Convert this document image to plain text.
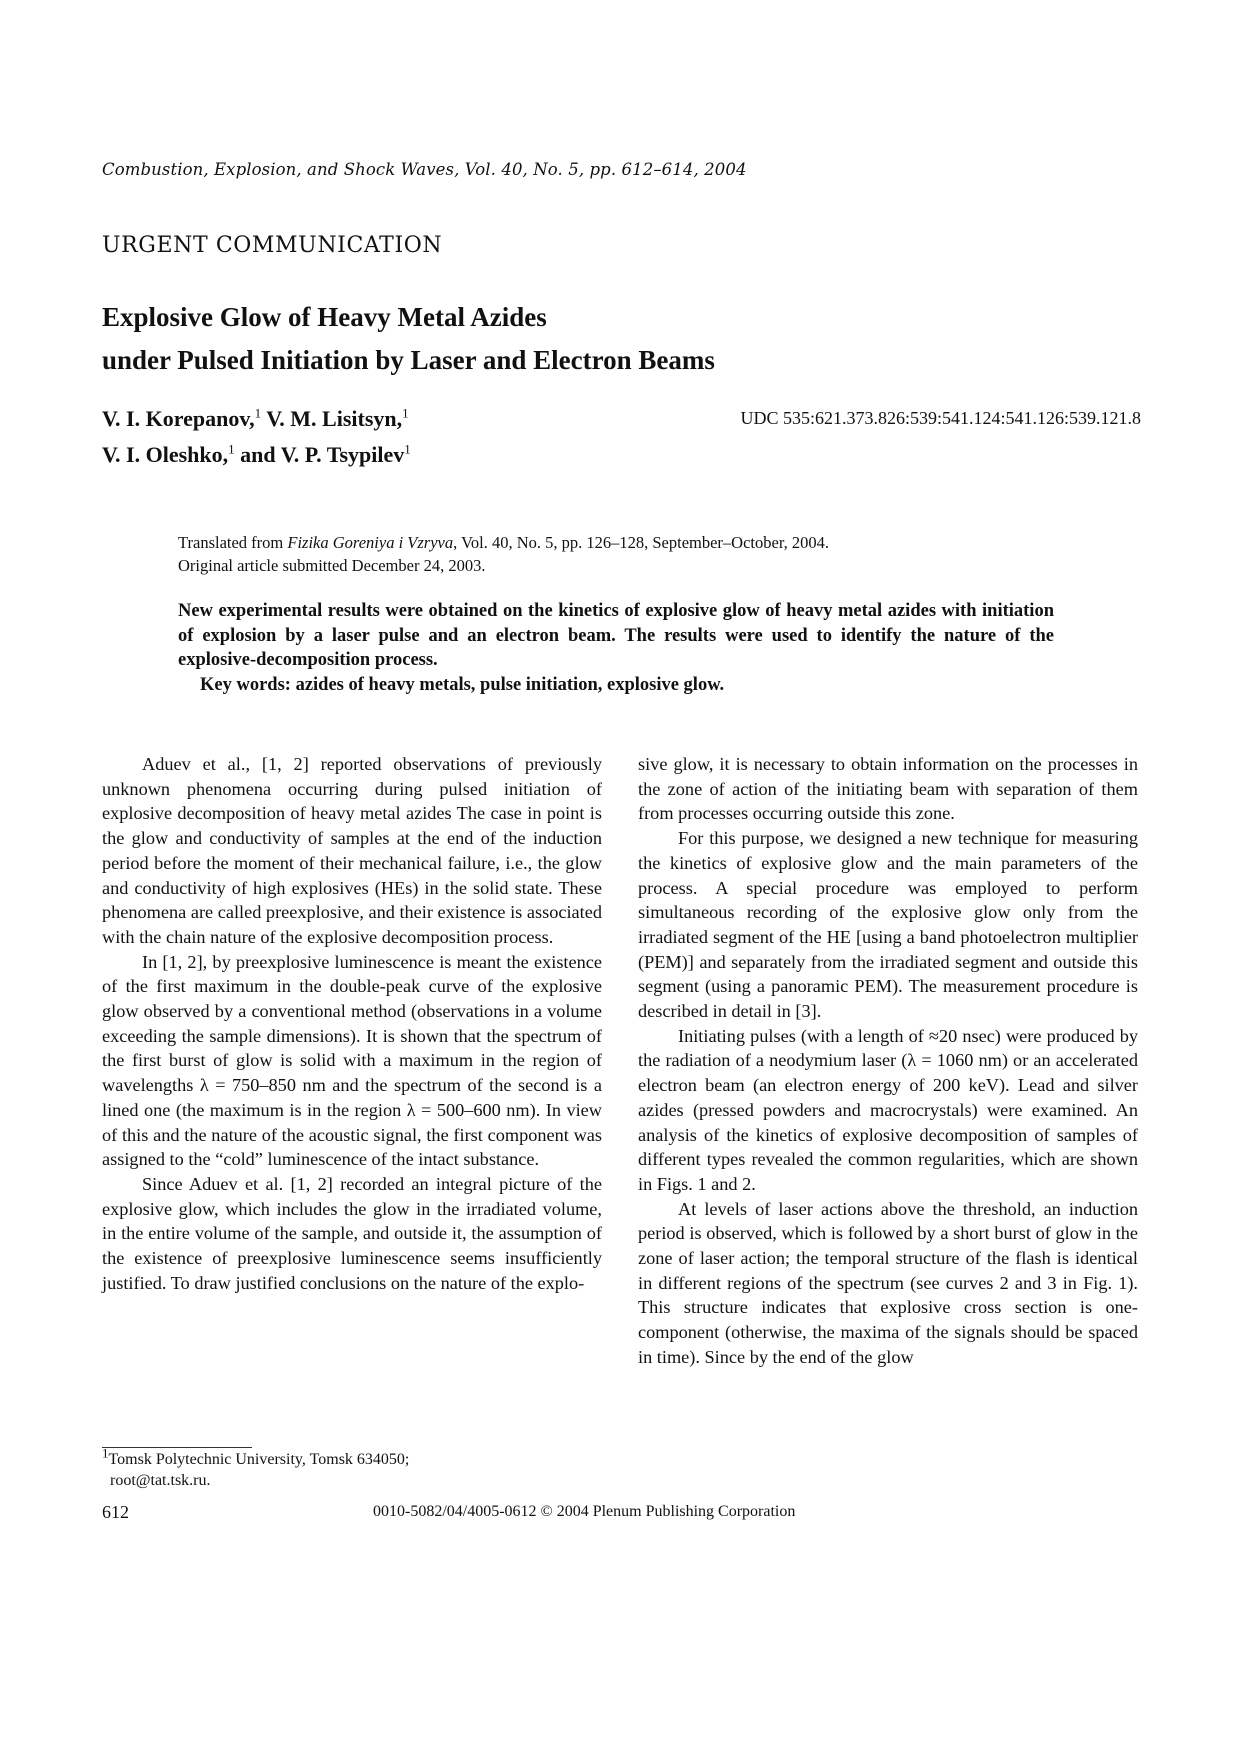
Combustion, Explosion, and Shock Waves, Vol. 40, No. 5, pp. 612–614, 2004
URGENT COMMUNICATION
Explosive Glow of Heavy Metal Azides
under Pulsed Initiation by Laser and Electron Beams
V. I. Korepanov,$^1$ V. M. Lisitsyn,$^1$
V. I. Oleshko,$^1$ and V. P. Tsypilev$^1$
UDC 535:621.373.826:539:541.124:541.126:539.121.8
Translated from Fizika Goreniya i Vzryva, Vol. 40, No. 5, pp. 126–128, September–October, 2004.
Original article submitted December 24, 2003.
New experimental results were obtained on the kinetics of explosive glow of heavy metal azides with initiation of explosion by a laser pulse and an electron beam. The results were used to identify the nature of the explosive-decomposition process.
Key words: azides of heavy metals, pulse initiation, explosive glow.

Aduev et al., [1, 2] reported observations of previously unknown phenomena occurring during pulsed initiation of explosive decomposition of heavy metal azides The case in point is the glow and conductivity of samples at the end of the induction period before the moment of their mechanical failure, i.e., the glow and conductivity of high explosives (HEs) in the solid state. These phenomena are called preexplosive, and their existence is associated with the chain nature of the explosive decomposition process.

In [1, 2], by preexplosive luminescence is meant the existence of the first maximum in the double-peak curve of the explosive glow observed by a conventional method (observations in a volume exceeding the sample dimensions). It is shown that the spectrum of the first burst of glow is solid with a maximum in the region of wavelengths λ = 750–850 nm and the spectrum of the second is a lined one (the maximum is in the region λ = 500–600 nm). In view of this and the nature of the acoustic signal, the first component was assigned to the “cold” luminescence of the intact substance.

Since Aduev et al. [1, 2] recorded an integral picture of the explosive glow, which includes the glow in the irradiated volume, in the entire volume of the sample, and outside it, the assumption of the existence of preexplosive luminescence seems insufficiently justified. To draw justified conclusions on the nature of the explo-

sive glow, it is necessary to obtain information on the processes in the zone of action of the initiating beam with separation of them from processes occurring outside this zone.

For this purpose, we designed a new technique for measuring the kinetics of explosive glow and the main parameters of the process. A special procedure was employed to perform simultaneous recording of the explosive glow only from the irradiated segment of the HE [using a band photoelectron multiplier (PEM)] and separately from the irradiated segment and outside this segment (using a panoramic PEM). The measurement procedure is described in detail in [3].

Initiating pulses (with a length of ≈20 nsec) were produced by the radiation of a neodymium laser (λ = 1060 nm) or an accelerated electron beam (an electron energy of 200 keV). Lead and silver azides (pressed powders and macrocrystals) were examined. An analysis of the kinetics of explosive decomposition of samples of different types revealed the common regularities, which are shown in Figs. 1 and 2.

At levels of laser actions above the threshold, an induction period is observed, which is followed by a short burst of glow in the zone of laser action; the temporal structure of the flash is identical in different regions of the spectrum (see curves 2 and 3 in Fig. 1). This structure indicates that explosive cross section is one-component (otherwise, the maxima of the signals should be spaced in time). Since by the end of the glow

$^1$Tomsk Polytechnic University, Tomsk 634050;
root@tat.tsk.ru.
612	0010-5082/04/4005-0612 © 2004 Plenum Publishing Corporation
